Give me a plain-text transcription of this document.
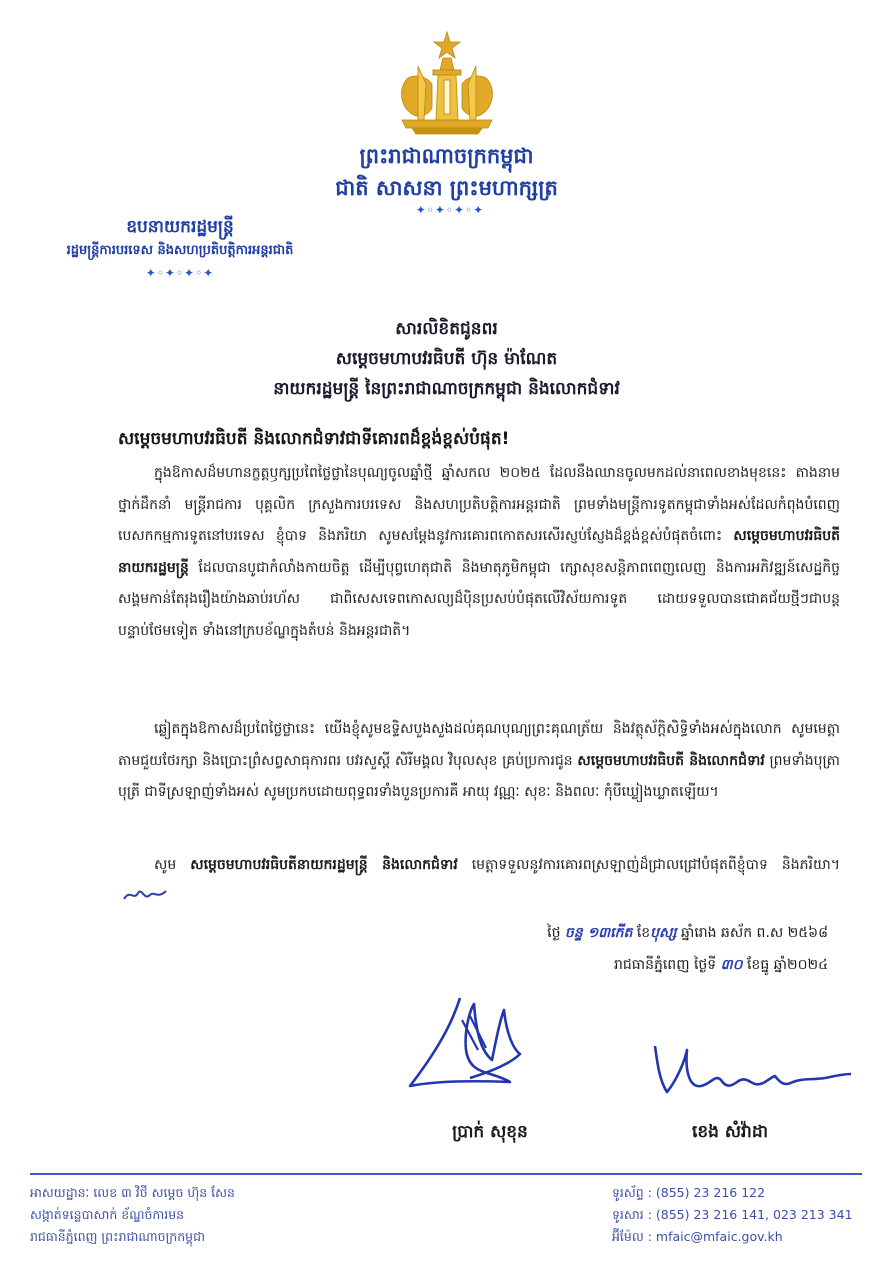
ព្រះរាជាណាចក្រកម្ពុជា
ជាតិ សាសនា ព្រះមហាក្សត្រ
✦◦✦◦✦◦✦
ឧបនាយករដ្ឋមន្ត្រី
រដ្ឋមន្ត្រីការបរទេស និងសហប្រតិបត្តិការអន្តរជាតិ
✦◦✦◦✦◦✦
សារលិខិតជូនពរ
សម្តេចមហាបវរធិបតី ហ៊ុន ម៉ាណែត
នាយករដ្ឋមន្ត្រី នៃព្រះរាជាណាចក្រកម្ពុជា និងលោកជំទាវ
សម្តេចមហាបវរធិបតី និងលោកជំទាវជាទីគោរពដ៏ខ្ពង់ខ្ពស់បំផុត!
ក្នុងឱកាសដ៏មហានក្ខត្តឫក្សប្រពៃថ្លៃថ្លានៃបុណ្យចូលឆ្នាំថ្មី ឆ្នាំសកល ២០២៥ ដែលនឹងឈានចូលមកដល់នាពេលខាងមុខនេះ តាងនាមថ្នាក់ដឹកនាំ មន្ត្រីរាជការ បុគ្គលិក ក្រសួងការបរទេស និងសហប្រតិបត្តិការអន្តរជាតិ ព្រមទាំងមន្ត្រីការទូតកម្ពុជាទាំងអស់ដែលកំពុងបំពេញបេសកកម្មការទូតនៅបរទេស ខ្ញុំបាទ និងភរិយា សូមសម្តែងនូវការគោរពកោតសរសើរស្ញប់ស្ញែងដ៏ខ្ពង់ខ្ពស់បំផុតចំពោះ សម្តេចមហាបវរធិបតីនាយករដ្ឋមន្ត្រី ដែលបានបូជាកំលាំងកាយចិត្ត ដើម្បីបុព្វហេតុជាតិ និងមាតុភូមិកម្ពុជា ក្សោសុខសន្តិភាពពេញលេញ និងការអភិវឌ្ឍន៍សេដ្ឋកិច្ចសង្គមកាន់តែរុងរឿងយ៉ាងឆាប់រហ័ស ជាពិសេសទេពកោសល្យដ៏ប៉ិនប្រសប់បំផុតលើវិស័យការទូត ដោយទទួលបានជោគជ័យថ្មីៗជាបន្តបន្ទាប់ថែមទៀត ទាំងនៅក្របខ័ណ្ឌក្នុងតំបន់ និងអន្តរជាតិ។
ឆ្លៀតក្នុងឱកាសដ៏ប្រពៃថ្លៃថ្លានេះ យើងខ្ញុំសូមឧទ្ទិសបួងសួងដល់គុណបុណ្យព្រះគុណត្រ័យ និងវត្ថុស័ក្តិសិទ្ធិទាំងអស់ក្នុងលោក សូមមេត្តាតាមជួយថែរក្សា និងប្រោះព្រំសព្វសាធុការពរ បវរសួស្តី សិរីមង្គល វិបុលសុខ គ្រប់ប្រការជូន សម្តេចមហាបវរធិបតី និងលោកជំទាវ ព្រមទាំងបុត្រា បុត្រី ជាទីស្រឡាញ់ទាំងអស់ សូមប្រកបដោយពុទ្ធពរទាំងបួនប្រការគឺ អាយុ វណ្ណៈ សុខៈ និងពលៈ កុំបីឃ្លៀងឃ្លាតឡើយ។
សូម សម្តេចមហាបវរធិបតីនាយករដ្ឋមន្ត្រី និងលោកជំទាវ មេត្តាទទួលនូវការគោរពស្រឡាញ់ដ៏ជ្រាលជ្រៅបំផុតពីខ្ញុំបាទ និងភរិយា។
ថ្ងៃ ចន្ទ ១៣កើត ខែបុស្ស ឆ្នាំរោង ឆស័ក ព.ស ២៥៦៨
រាជធានីភ្នំពេញ ថ្ងៃទី ៣០ ខែធ្នូ ឆ្នាំ២០២៤
ប្រាក់ សុខុន	ខេង សំវ៉ាដា
អាសយដ្ឋានៈ លេខ ៣ វិថី សម្តេច ហ៊ុន សែន
សង្កាត់ទន្លេបាសាក់ ខ័ណ្ឌចំការមន
រាជធានីភ្នំពេញ ព្រះរាជាណាចក្រកម្ពុជា
ទូរស័ព្ទ : (855) 23 216 122
ទូរសារ : (855) 23 216 141, 023 213 341
អ៊ីម៉ែល : mfaic@mfaic.gov.kh
